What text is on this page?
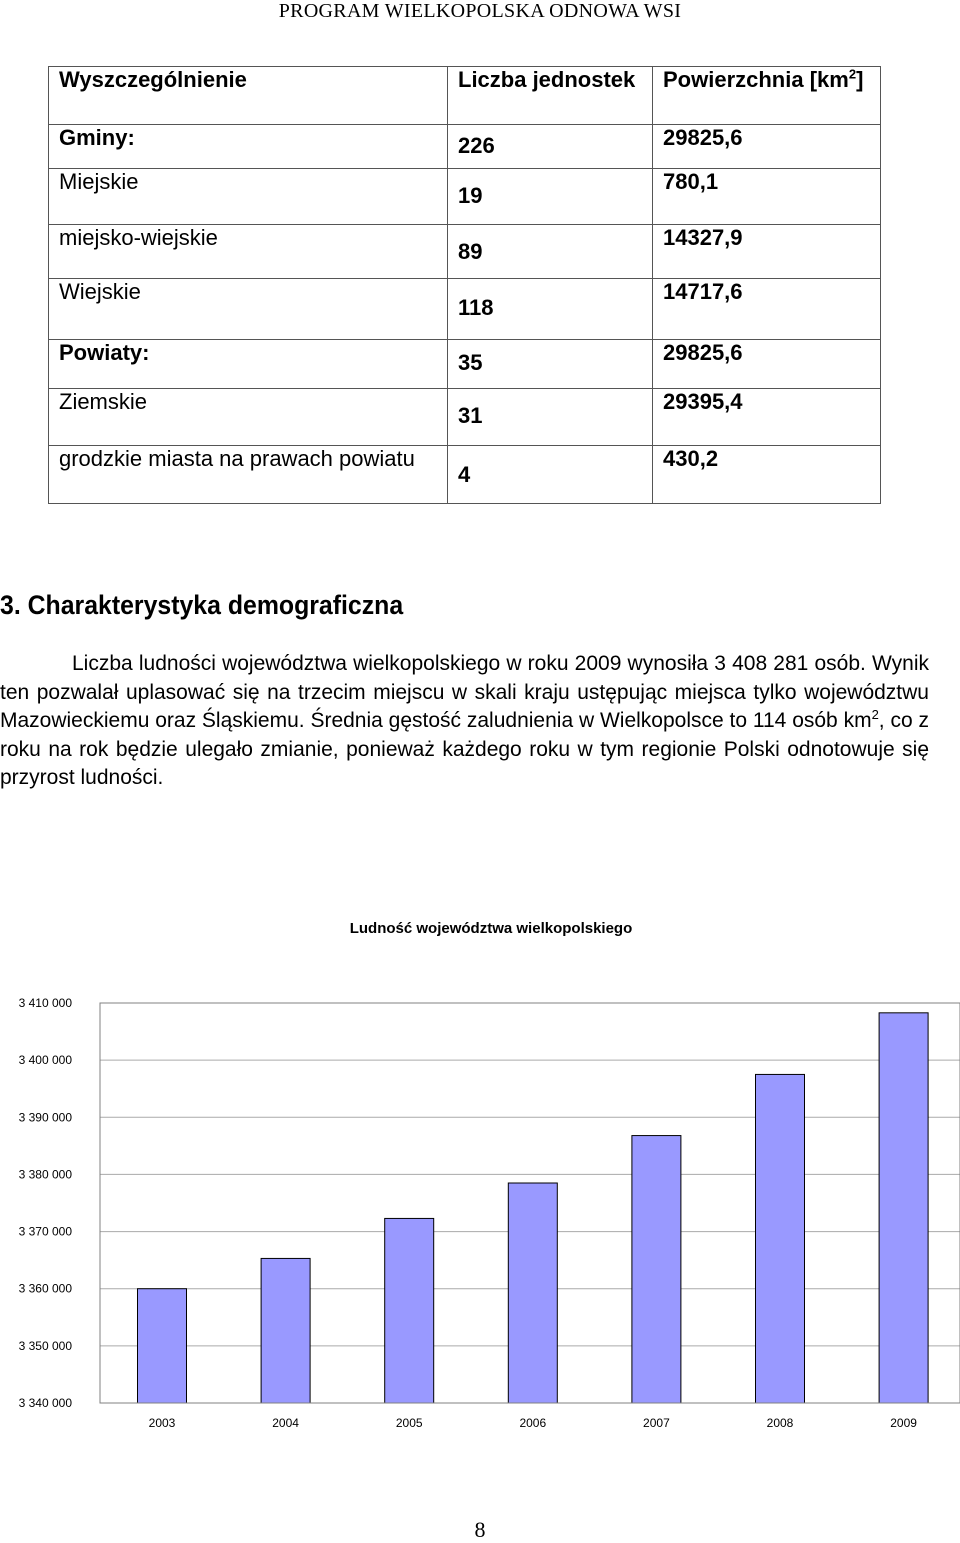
PROGRAM WIELKOPOLSKA ODNOWA WSI
Wyszczególnienie	Liczba jednostek	Powierzchnia $[km^2]$
Gminy:	226	29825,6
Miejskie	19	780,1
miejsko-wiejskie	89	14327,9
Wiejskie	118	14717,6
Powiaty:	35	29825,6
Ziemskie	31	29395,4
grodzkie miasta na prawach powiatu	4	430,2
3. Charakterystyka demograficzna
Liczba ludności województwa wielkopolskiego w roku 2009 wynosiła 3 408 281 osób. Wynik ten pozwalał uplasować się na trzecim miejscu w skali kraju ustępując miejsca tylko województwu Mazowieckiemu oraz Śląskiemu. Średnia gęstość zaludnienia w Wielkopolsce to 114 osób $km^2$, co z roku na rok będzie ulegało zmianie, ponieważ każdego roku w tym regionie Polski odnotowuje się przyrost ludności.
Ludność województwa wielkopolskiego
3 340 000
3 350 000
3 360 000
3 370 000
3 380 000
3 390 000
3 400 000
3 410 000
2003	2004	2005	2006	2007	2008	2009
8
